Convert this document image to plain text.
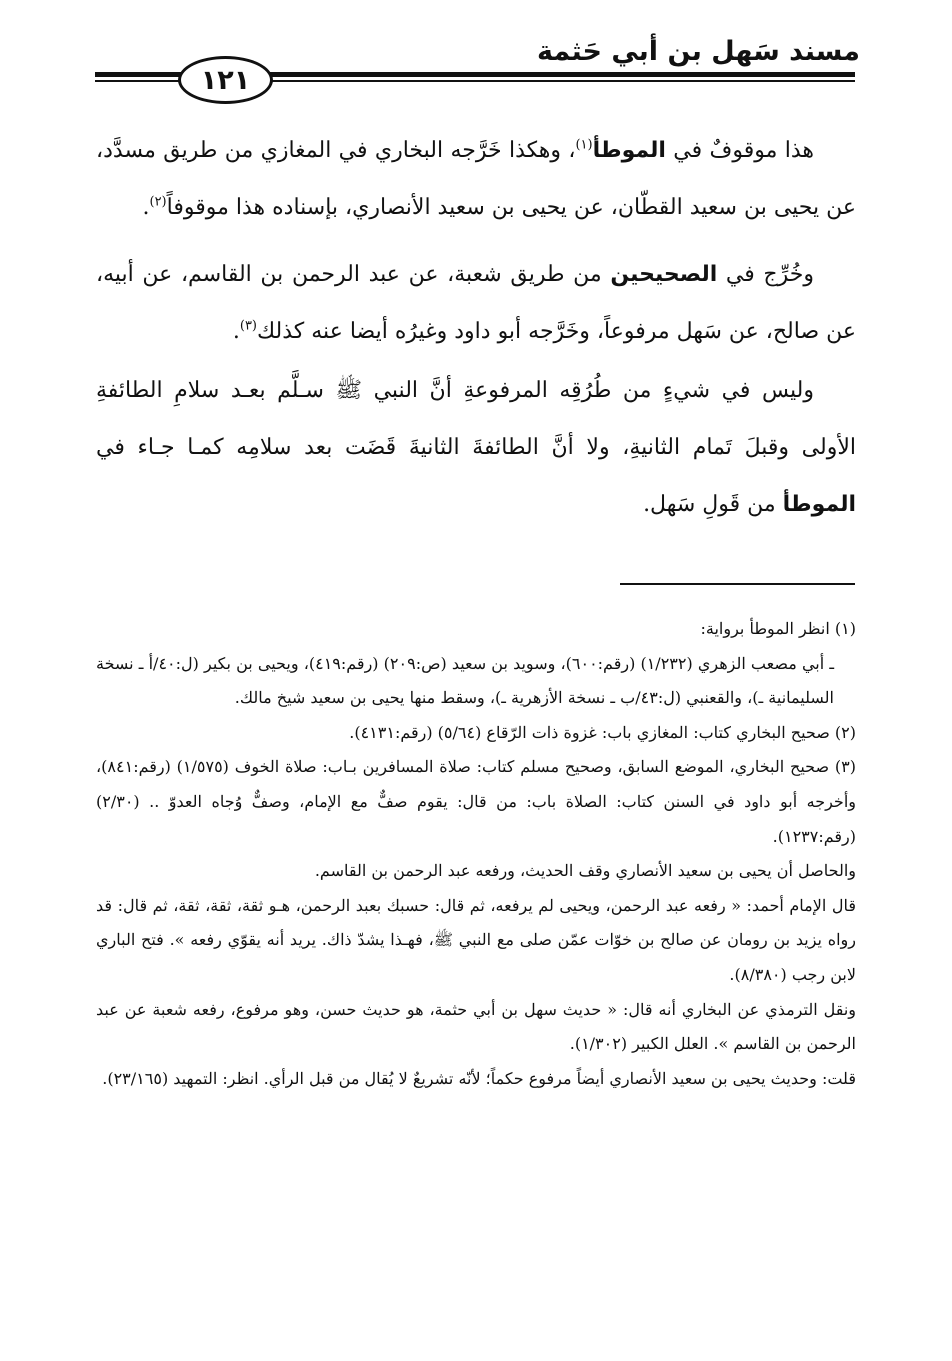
مسند سَهل بن أبي حَثمة
١٢١

هذا موقوفٌ في الموطأ$^{(١)}$، وهكذا خَرَّجه البخاري في المغازي من طريق مسدَّد، عن يحيى بن سعيد القطّان، عن يحيى بن سعيد الأنصاري، بإسناده هذا موقوفاً$^{(٢)}$.

وخُرِّج في الصحيحين من طريق شعبة، عن عبد الرحمن بن القاسم، عن أبيه، عن صالح، عن سَهل مرفوعاً، وخَرَّجه أبو داود وغيرُه أيضا عنه كذلك$^{(٣)}$.

وليس في شيءٍ من طُرُقِه المرفوعةِ أنَّ النبي ﷺ سـلَّم بعـد سلامِ الطائفةِ الأولى وقبلَ تَمام الثانيةِ، ولا أنَّ الطائفةَ الثانيةَ قَضَت بعد سلامِه كمـا جـاء في الموطأ من قَولِ سَهل.

(١) انظر الموطأ برواية:

ـ أبي مصعب الزهري (١/٢٣٢) (رقم:٦٠٠)، وسويد بن سعيد (ص:٢٠٩) (رقم:٤١٩)، ويحيى بن بكير (ل:٤٠/أ ـ نسخة السليمانية ـ)، والقعنبي (ل:٤٣/ب ـ نسخة الأزهرية ـ)، وسقط منها يحيى بن سعيد شيخ مالك.

(٢) صحيح البخاري كتاب: المغازي باب: غزوة ذات الرّقاع (٥/٦٤) (رقم:٤١٣١).

(٣) صحيح البخاري، الموضع السابق، وصحيح مسلم كتاب: صلاة المسافرين بـاب: صلاة الخوف (١/٥٧٥) (رقم:٨٤١)، وأخرجه أبو داود في السنن كتاب: الصلاة باب: من قال: يقوم صفٌّ مع الإمام، وصفٌّ وُجاه العدوّ .. (٢/٣٠) (رقم:١٢٣٧).

والحاصل أن يحيى بن سعيد الأنصاري وقف الحديث، ورفعه عبد الرحمن بن القاسم.

قال الإمام أحمد: « رفعه عبد الرحمن، ويحيى لم يرفعه، ثم قال: حسبك بعبد الرحمن، هـو ثقة، ثقة، ثقة، ثم قال: قد رواه يزيد بن رومان عن صالح بن خوّات عمّن صلى مع النبي ﷺ، فهـذا يشدّ ذاك. يريد أنه يقوّي رفعه ». فتح الباري لابن رجب (٨/٣٨٠).

ونقل الترمذي عن البخاري أنه قال: « حديث سهل بن أبي حثمة، هو حديث حسن، وهو مرفوع، رفعه شعبة عن عبد الرحمن بن القاسم ». العلل الكبير (١/٣٠٢).

قلت: وحديث يحيى بن سعيد الأنصاري أيضاً مرفوع حكماً؛ لأنّه تشريعٌ لا يُقال من قبل الرأي. انظر: التمهيد (٢٣/١٦٥).
